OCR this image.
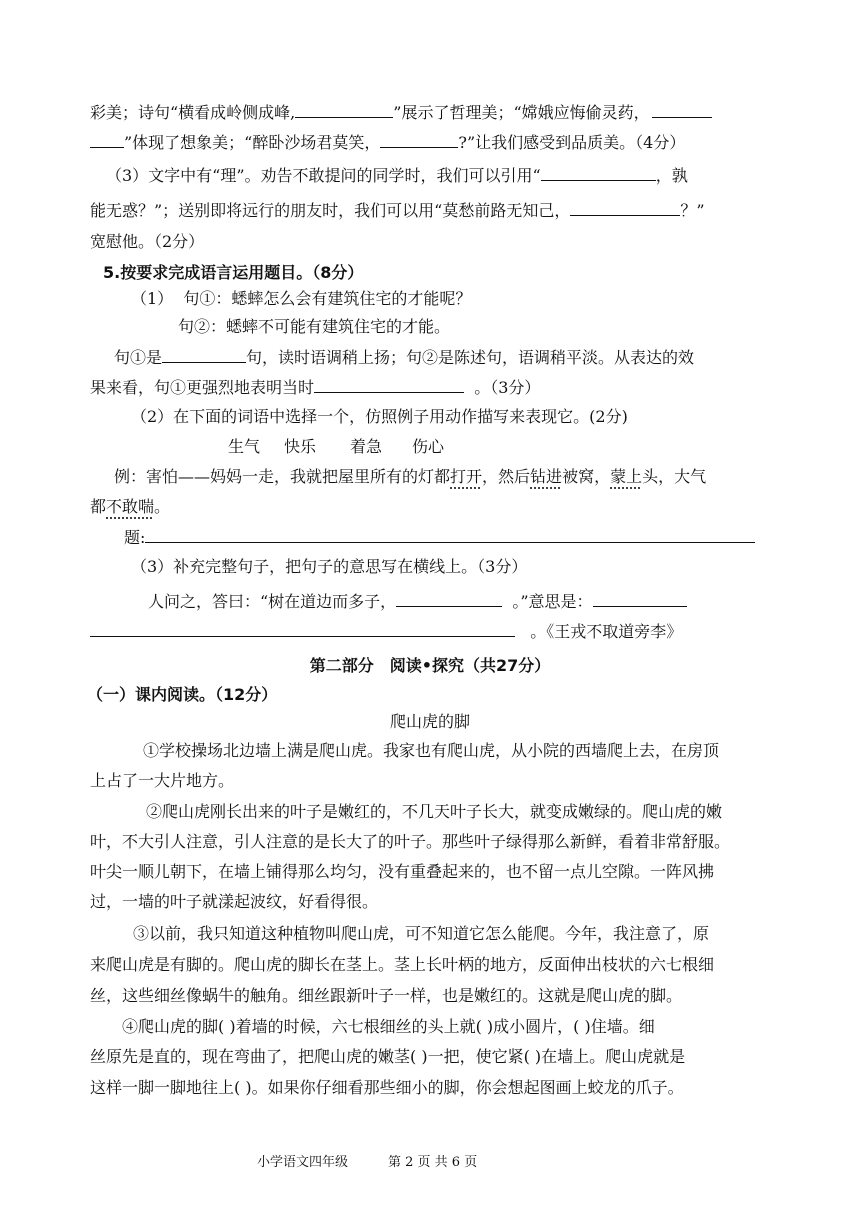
彩美；诗句“横看成岭侧成峰,	”展示了哲理美；“嫦娥应悔偷灵药，
”体现了想象美；“醉卧沙场君莫笑，	?”让我们感受到品质美。（4分）
（3）文字中有“理”。劝告不敢提问的同学时，我们可以引用“	，孰
能无惑？”；送别即将远行的朋友时，我们可以用“莫愁前路无知己，	？”
宽慰他。（2分）
5.按要求完成语言运用题目。（8分）
（1） 句①：蟋蟀怎么会有建筑住宅的才能呢？
句②：蟋蟀不可能有建筑住宅的才能。
句①是	句，读时语调稍上扬；句②是陈述句，语调稍平淡。从表达的效
果来看，句①更强烈地表明当时	。（3分）
（2）在下面的词语中选择一个，仿照例子用动作描写来表现它。(2分)
生气 快乐 着急 伤心
例：害怕——妈妈一走，我就把屋里所有的灯都打开，然后钻进被窝，蒙上头，大气
都不敢喘。
题:
（3）补充完整句子，把句子的意思写在横线上。（3分）
人问之，答曰：“树在道边而多子，	。”意思是：
。《王戎不取道旁李》
第二部分　阅读•探究（共27分）
（一）课内阅读。（12分）
爬山虎的脚
①学校操场北边墙上满是爬山虎。我家也有爬山虎，从小院的西墙爬上去，在房顶
上占了一大片地方。
②爬山虎刚长出来的叶子是嫩红的，不几天叶子长大，就变成嫩绿的。爬山虎的嫩
叶，不大引人注意，引人注意的是长大了的叶子。那些叶子绿得那么新鲜，看着非常舒服。
叶尖一顺儿朝下，在墙上铺得那么均匀，没有重叠起来的，也不留一点儿空隙。一阵风拂
过，一墙的叶子就漾起波纹，好看得很。
③以前，我只知道这种植物叫爬山虎，可不知道它怎么能爬。今年，我注意了，原
来爬山虎是有脚的。爬山虎的脚长在茎上。茎上长叶柄的地方，反面伸出枝状的六七根细
丝，这些细丝像蜗牛的触角。细丝跟新叶子一样，也是嫩红的。这就是爬山虎的脚。
④爬山虎的脚( )着墙的时候，六七根细丝的头上就( )成小圆片，( )住墙。细
丝原先是直的，现在弯曲了，把爬山虎的嫩茎( )一把，使它紧( )在墙上。爬山虎就是
这样一脚一脚地往上( )。如果你仔细看那些细小的脚，你会想起图画上蛟龙的爪子。
小学语文四年级	第 2 页 共 6 页
